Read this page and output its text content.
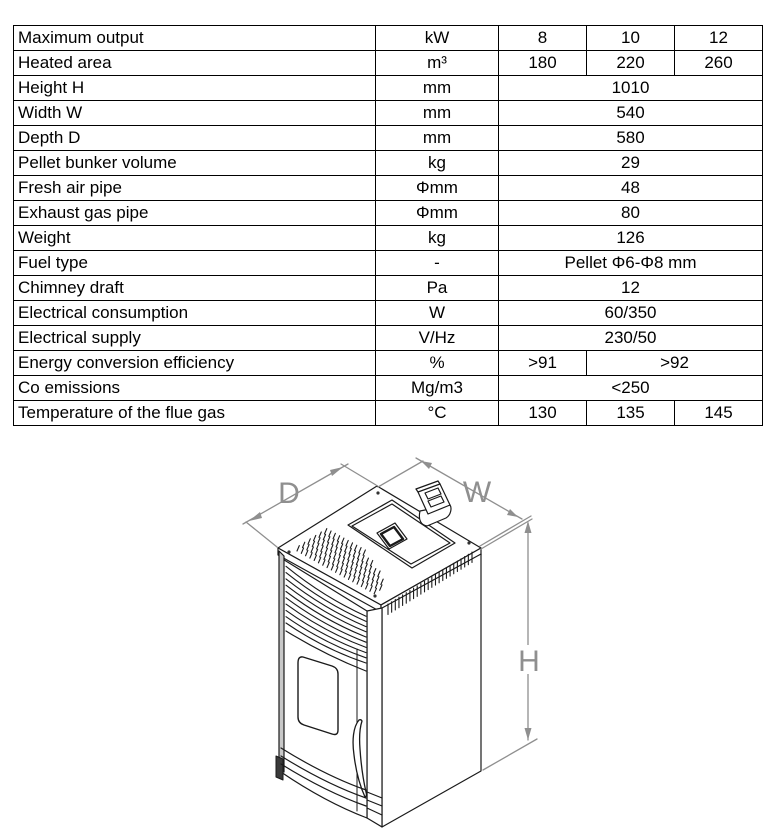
Maximum output	kW	8	10	12
Heated area	m³	180	220	260
Height H	mm	1010		
Width W	mm	540		
Depth D	mm	580		
Pellet bunker volume	kg	29		
Fresh air pipe	Φmm	48		
Exhaust gas pipe	Φmm	80		
Weight	kg	126		
Fuel type	-	Pellet Φ6-Φ8 mm		
Chimney draft	Pa	12		
Electrical consumption	W	60/350		
Electrical supply	V/Hz	230/50		
Energy conversion efficiency	%	>91	>92	
Co emissions	Mg/m3	<250		
Temperature of the flue gas	°C	130	135	145
D	W
H
